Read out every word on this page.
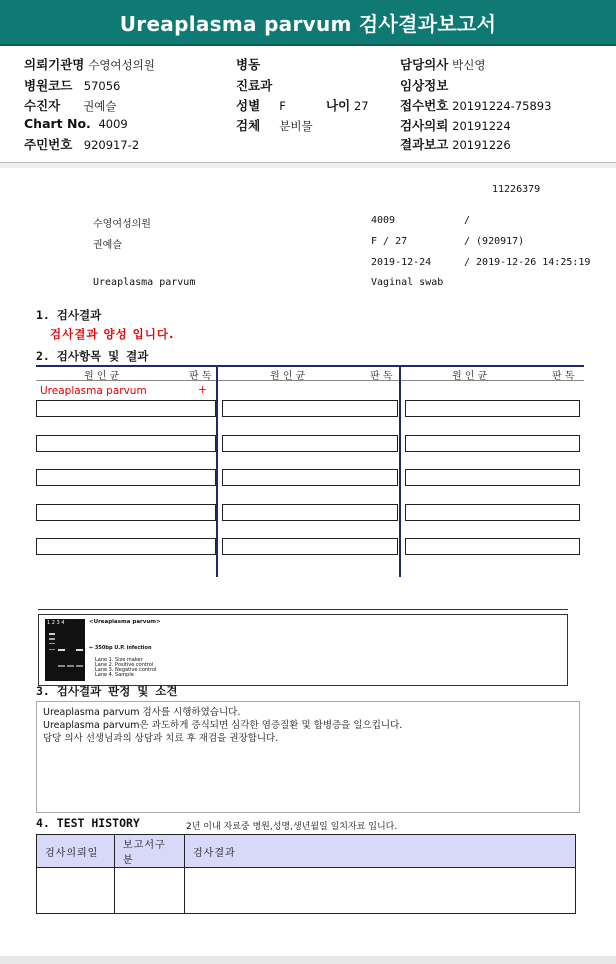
Ureaplasma parvum 검사결과보고서
의뢰기관명 수영여성의원	병동	담당의사 박신영
병원코드 57056	진료과	임상정보
수진자 권예슬	성별 F	나이 27	접수번호 20191224-75893
Chart No. 4009	검체 분비물	검사의뢰 20191224
주민번호 920917-2	결과보고 20191226
11226379
수영여성의원	4009	/
권예슬	F / 27	/ (920917)
2019-12-24	/ 2019-12-26 14:25:19
Ureaplasma parvum	Vaginal swab
1. 검사결과
검사결과 양성 입니다.
2. 검사항목 및 결과
원 인 균	판 독	원 인 균	판 독	원 인 균	판 독
Ureaplasma parvum	+
1 2 3 4	<Ureaplasma parvum>
← 350bp U.P. infection
Lane 1. Size maker
Lane 2. Positive control
Lane 3. Negative control
Lane 4. Sample
3. 검사결과 판정 및 소견
Ureaplasma parvum 검사를 시행하였습니다.
Ureaplasma parvum은 과도하게 증식되면 심각한 염증질환 및 합병증을 일으킵니다.
담당 의사 선생님과의 상담과 치료 후 재검을 권장합니다.
4. TEST HISTORY	2년 이내 자료중 병원,성명,생년월일 일치자료 입니다.
검사의뢰일	보고서구분	검사결과
